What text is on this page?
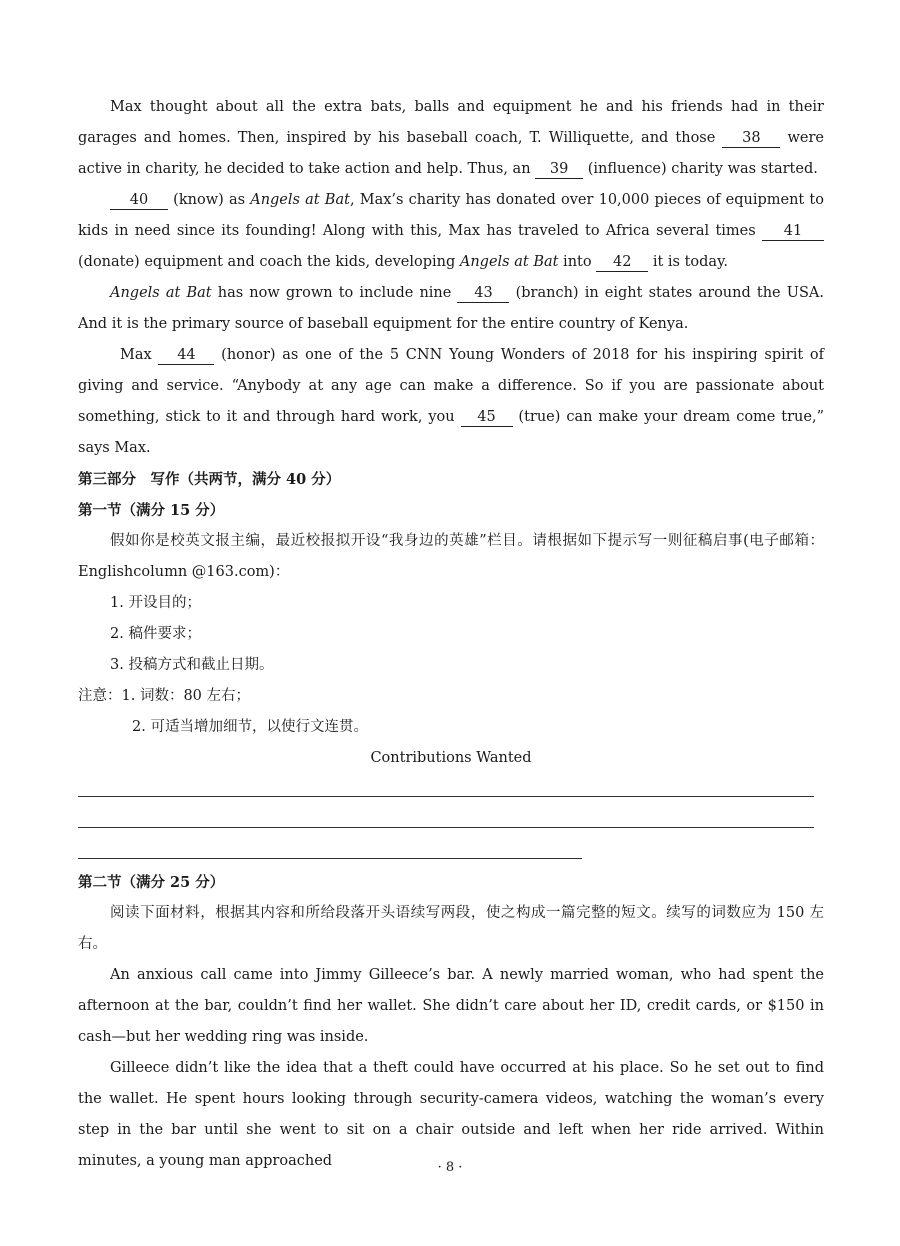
Max thought about all the extra bats, balls and equipment he and his friends had in their garages and homes. Then, inspired by his baseball coach, T. Williquette, and those 38 were active in charity, he decided to take action and help. Thus, an 39 (influence) charity was started.

40 (know) as Angels at Bat, Max’s charity has donated over 10,000 pieces of equipment to kids in need since its founding! Along with this, Max has traveled to Africa several times 41 (donate) equipment and coach the kids, developing Angels at Bat into 42 it is today.

Angels at Bat has now grown to include nine 43 (branch) in eight states around the USA. And it is the primary source of baseball equipment for the entire country of Kenya.

Max 44 (honor) as one of the 5 CNN Young Wonders of 2018 for his inspiring spirit of giving and service. “Anybody at any age can make a difference. So if you are passionate about something, stick to it and through hard work, you 45 (true) can make your dream come true,” says Max.

第三部分　写作（共两节，满分 40 分）

第一节（满分 15 分）

假如你是校英文报主编，最近校报拟开设“我身边的英雄”栏目。请根据如下提示写一则征稿启事(电子邮箱：Englishcolumn @163.com)：

1. 开设目的；

2. 稿件要求；

3. 投稿方式和截止日期。

注意：1. 词数：80 左右；

2. 可适当增加细节，以使行文连贯。

Contributions Wanted

第二节（满分 25 分）

阅读下面材料，根据其内容和所给段落开头语续写两段，使之构成一篇完整的短文。续写的词数应为 150 左右。

An anxious call came into Jimmy Gilleece’s bar. A newly married woman, who had spent the afternoon at the bar, couldn’t find her wallet. She didn’t care about her ID, credit cards, or $150 in cash—but her wedding ring was inside.

Gilleece didn’t like the idea that a theft could have occurred at his place. So he set out to find the wallet. He spent hours looking through security-camera videos, watching the woman’s every step in the bar until she went to sit on a chair outside and left when her ride arrived. Within minutes, a young man approached	· 8 ·
